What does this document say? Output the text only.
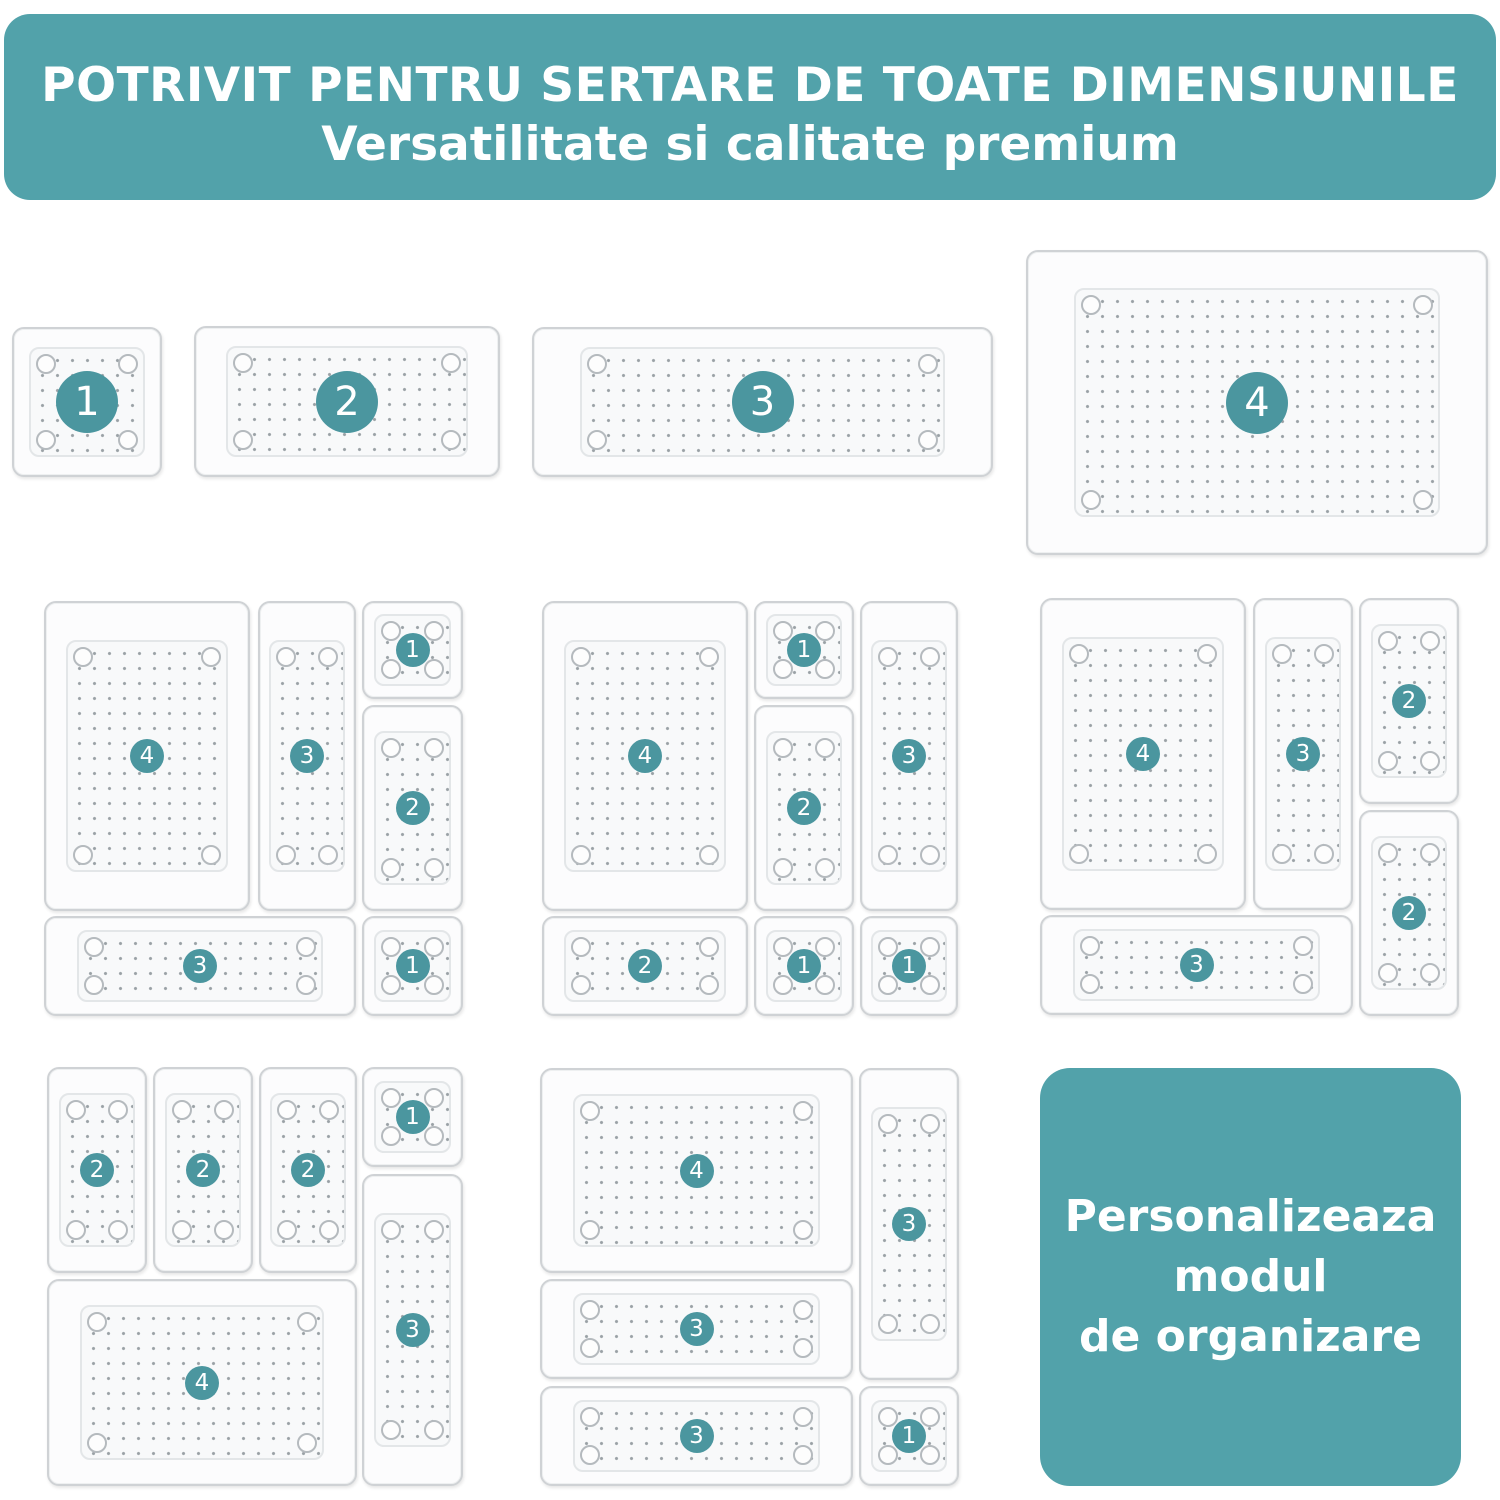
POTRIVIT PENTRU SERTARE DE TOATE DIMENSIUNILE
Versatilitate si calitate premium
1	2	3	4
4	3
1
2
3	1
4
1
2
3
2	1	1
4	3
2
2
3
2	2	2
1
3
4
4
3
3
3	1
Personalizeaza
modul
de organizare
